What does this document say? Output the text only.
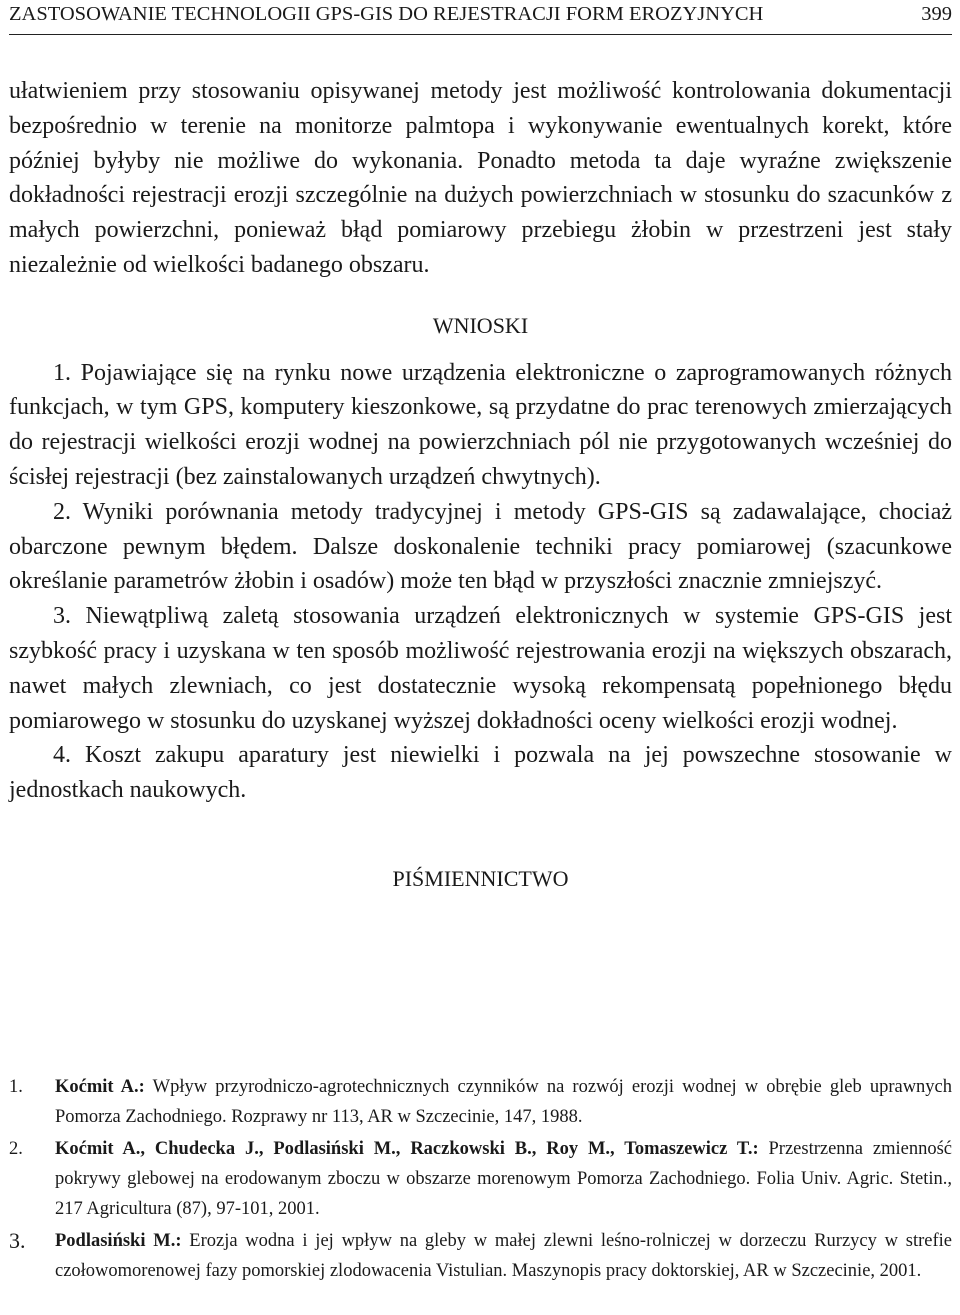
ZASTOSOWANIE TECHNOLOGII GPS-GIS DO REJESTRACJI FORM EROZYJNYCH	399

ułatwieniem przy stosowaniu opisywanej metody jest możliwość kontrolowania dokumentacji bezpośrednio w terenie na monitorze palmtopa i wykonywanie ewentualnych korekt, które później byłyby nie możliwe do wykonania. Ponadto metoda ta daje wyraźne zwiększenie dokładności rejestracji erozji szczególnie na dużych powierzchniach w stosunku do szacunków z małych powierzchni, ponieważ błąd pomiarowy przebiegu żłobin w przestrzeni jest stały niezależnie od wielkości badanego obszaru.

WNIOSKI

1. Pojawiające się na rynku nowe urządzenia elektroniczne o zaprogramowanych różnych funkcjach, w tym GPS, komputery kieszonkowe, są przydatne do prac terenowych zmierzających do rejestracji wielkości erozji wodnej na powierzchniach pól nie przygotowanych wcześniej do ścisłej rejestracji (bez zainstalowanych urządzeń chwytnych).

2. Wyniki porównania metody tradycyjnej i metody GPS-GIS są zadawalające, chociaż obarczone pewnym błędem. Dalsze doskonalenie techniki pracy pomiarowej (szacunkowe określanie parametrów żłobin i osadów) może ten błąd w przyszłości znacznie zmniejszyć.

3. Niewątpliwą zaletą stosowania urządzeń elektronicznych w systemie GPS-GIS jest szybkość pracy i uzyskana w ten sposób możliwość rejestrowania erozji na większych obszarach, nawet małych zlewniach, co jest dostatecznie wysoką rekompensatą popełnionego błędu pomiarowego w stosunku do uzyskanej wyższej dokładności oceny wielkości erozji wodnej.

4. Koszt zakupu aparatury jest niewielki i pozwala na jej powszechne stosowanie w jednostkach naukowych.

PIŚMIENNICTWO
1.	Koćmit A.: Wpływ przyrodniczo-agrotechnicznych czynników na rozwój erozji wodnej w obrębie gleb uprawnych Pomorza Zachodniego. Rozprawy nr 113, AR w Szczecinie, 147, 1988.
2.	Koćmit A., Chudecka J., Podlasiński M., Raczkowski B., Roy M., Tomaszewicz T.: Przestrzenna zmienność pokrywy glebowej na erodowanym zboczu w obszarze morenowym Pomorza Zachodniego. Folia Univ. Agric. Stetin., 217 Agricultura (87), 97-101, 2001.
3.	Podlasiński M.: Erozja wodna i jej wpływ na gleby w małej zlewni leśno-rolniczej w dorzeczu Rurzycy w strefie czołowomorenowej fazy pomorskiej zlodowacenia Vistulian. Maszynopis pracy doktorskiej, AR w Szczecinie, 2001.
